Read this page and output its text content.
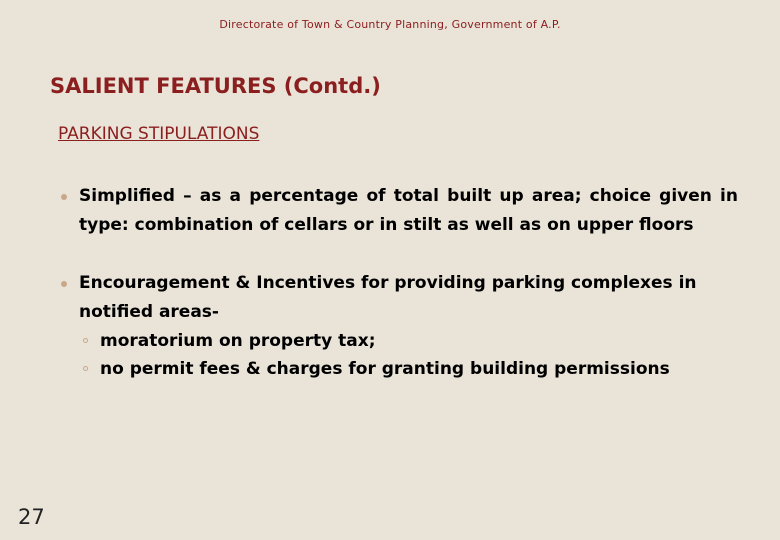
Directorate of Town & Country Planning, Government of A.P.
SALIENT FEATURES (Contd.)
PARKING STIPULATIONS
Simplified – as a percentage of total built up area; choice given in type: combination of cellars or in stilt as well as on upper floors
Encouragement & Incentives for providing parking complexes in notified areas-
moratorium on property tax;
no permit fees & charges for granting building permissions
27
